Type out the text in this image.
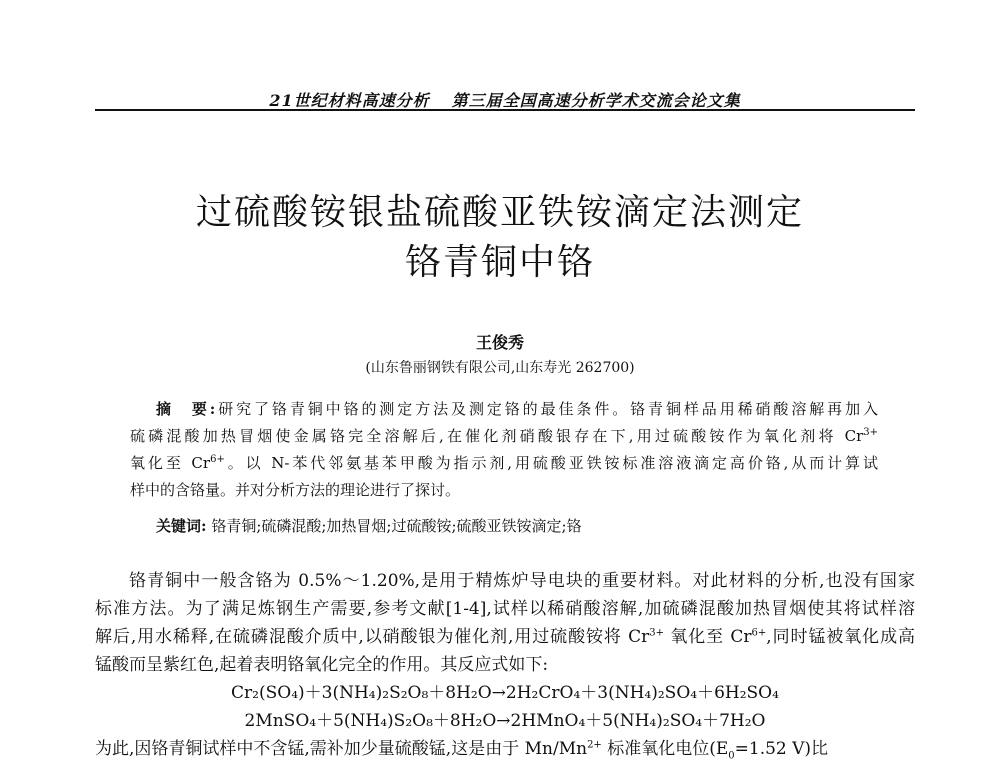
21世纪材料高速分析 第三届全国高速分析学术交流会论文集
过硫酸铵银盐硫酸亚铁铵滴定法测定
铬青铜中铬
王俊秀
(山东鲁丽钢铁有限公司,山东寿光 262700)
摘　要:研究了铬青铜中铬的测定方法及测定铬的最佳条件。铬青铜样品用稀硝酸溶解再加入
硫磷混酸加热冒烟使金属铬完全溶解后,在催化剂硝酸银存在下,用过硫酸铵作为氧化剂将 $Cr^{3+}$
氧化至 $Cr^{6+}$。以 N-苯代邻氨基苯甲酸为指示剂,用硫酸亚铁铵标准溶液滴定高价铬,从而计算试
样中的含铬量。并对分析方法的理论进行了探讨。
关键词: 铬青铜;硫磷混酸;加热冒烟;过硫酸铵;硫酸亚铁铵滴定;铬
铬青铜中一般含铬为 0.5%～1.20%,是用于精炼炉导电块的重要材料。对此材料的分析,也没有国家
标准方法。为了满足炼钢生产需要,参考文献[1-4],试样以稀硝酸溶解,加硫磷混酸加热冒烟使其将试样溶
解后,用水稀释,在硫磷混酸介质中,以硝酸银为催化剂,用过硫酸铵将 $Cr^{3+}$ 氧化至 $Cr^{6+}$,同时锰被氧化成高
锰酸而呈紫红色,起着表明铬氧化完全的作用。其反应式如下:
Cr₂(SO₄)＋3(NH₄)₂S₂O₈＋8H₂O→2H₂CrO₄＋3(NH₄)₂SO₄＋6H₂SO₄
2MnSO₄＋5(NH₄)S₂O₈＋8H₂O→2HMnO₄＋5(NH₄)₂SO₄＋7H₂O
为此,因铬青铜试样中不含锰,需补加少量硫酸锰,这是由于 $Mn/Mn^{2+}$ 标准氧化电位($E_0=1.52$ V)比
